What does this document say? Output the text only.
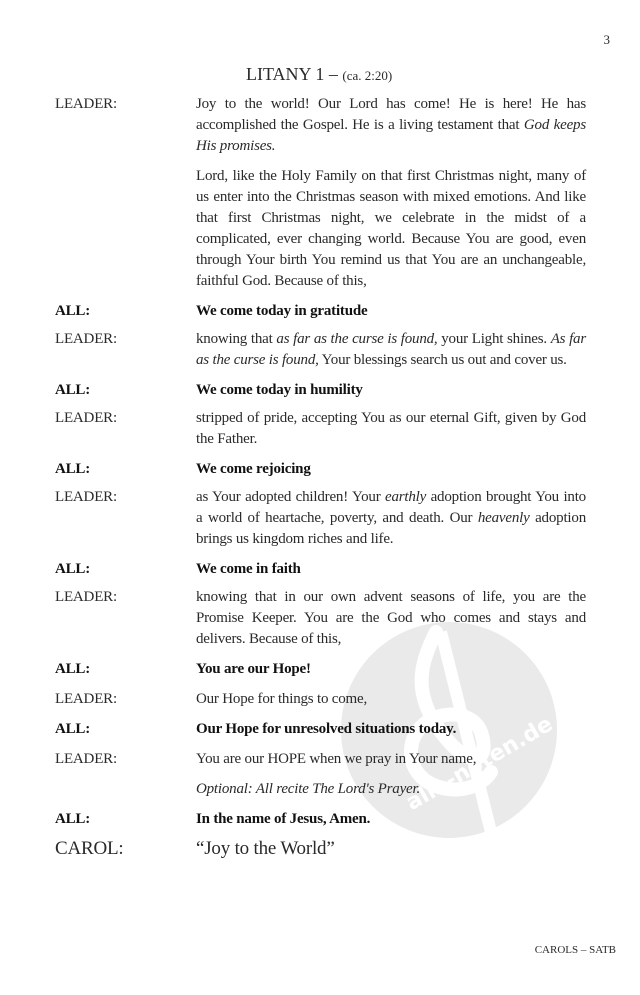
alle-noten.de
3
LITANY 1 – (ca. 2:20)
LEADER:	Joy to the world! Our Lord has come! He is here! He has accomplished the Gospel. He is a living testament that God keeps His promises.
Lord, like the Holy Family on that first Christmas night, many of us enter into the Christmas season with mixed emotions. And like that first Christmas night, we celebrate in the midst of a complicated, ever changing world. Because You are good, even through Your birth You remind us that You are an unchangeable, faithful God. Because of this,
ALL:	We come today in gratitude
LEADER:	knowing that as far as the curse is found, your Light shines. As far as the curse is found, Your blessings search us out and cover us.
ALL:	We come today in humility
LEADER:	stripped of pride, accepting You as our eternal Gift, given by God the Father.
ALL:	We come rejoicing
LEADER:	as Your adopted children! Your earthly adoption brought You into a world of heartache, poverty, and death. Our heavenly adoption brings us kingdom riches and life.
ALL:	We come in faith
LEADER:	knowing that in our own advent seasons of life, you are the Promise Keeper. You are the God who comes and stays and delivers. Because of this,
ALL:	You are our Hope!
LEADER:	Our Hope for things to come,
ALL:	Our Hope for unresolved situations today.
LEADER:	You are our HOPE when we pray in Your name,
Optional: All recite The Lord's Prayer.
ALL:	In the name of Jesus, Amen.
CAROL:	“Joy to the World”
CAROLS – SATB
